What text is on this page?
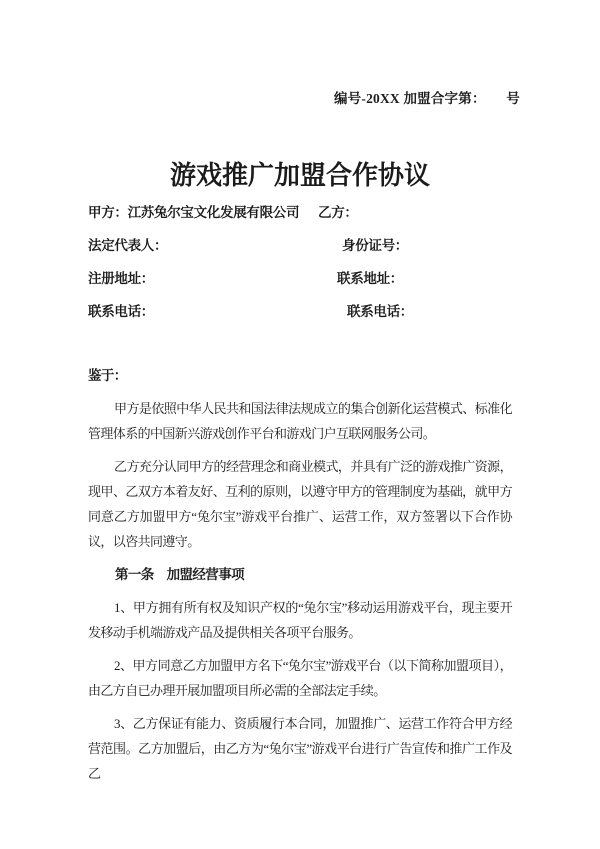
编号-20XX 加盟合字第：　　号
游戏推广加盟合作协议
甲方：江苏兔尔宝文化发展有限公司 乙方：
法定代表人：	身份证号：
注册地址：	联系地址：
联系电话：	联系电话：

鉴于：

甲方是依照中华人民共和国法律法规成立的集合创新化运营模式、标准化管理体系的中国新兴游戏创作平台和游戏门户互联网服务公司。

乙方充分认同甲方的经营理念和商业模式，并具有广泛的游戏推广资源，现甲、乙双方本着友好、互利的原则，以遵守甲方的管理制度为基础，就甲方同意乙方加盟甲方“兔尔宝”游戏平台推广、运营工作，双方签署以下合作协议，以咨共同遵守。

第一条　加盟经营事项

1、甲方拥有所有权及知识产权的“兔尔宝”移动运用游戏平台，现主要开发移动手机端游戏产品及提供相关各项平台服务。

2、甲方同意乙方加盟甲方名下“兔尔宝”游戏平台（以下简称加盟项目），由乙方自已办理开展加盟项目所必需的全部法定手续。

3、乙方保证有能力、资质履行本合同，加盟推广、运营工作符合甲方经营范围。乙方加盟后，由乙方为“兔尔宝”游戏平台进行广告宣传和推广工作及乙
